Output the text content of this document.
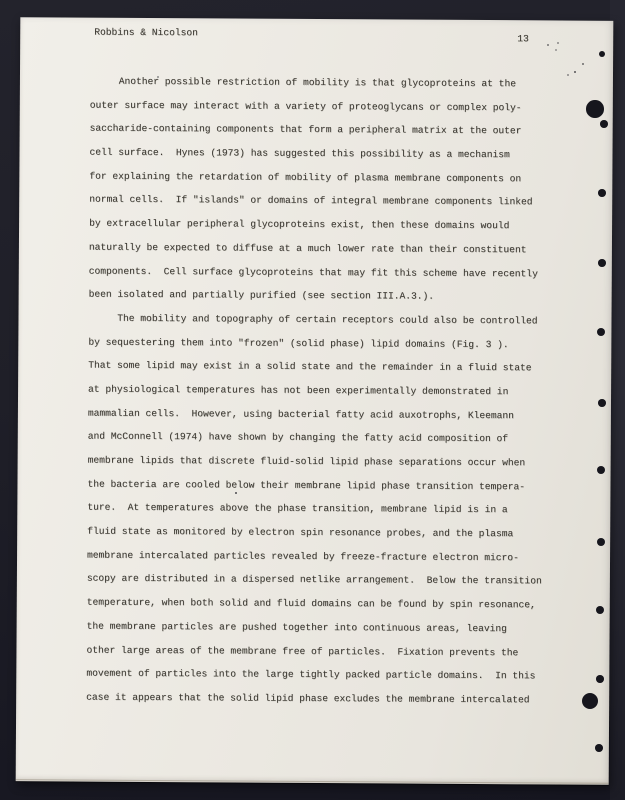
Robbins & Nicolson
13
Another possible restriction of mobility is that glycoproteins at the
outer surface may interact with a variety of proteoglycans or complex poly-
saccharide-containing components that form a peripheral matrix at the outer
cell surface.  Hynes (1973) has suggested this possibility as a mechanism
for explaining the retardation of mobility of plasma membrane components on
normal cells.  If "islands" or domains of integral membrane components linked
by extracellular peripheral glycoproteins exist, then these domains would
naturally be expected to diffuse at a much lower rate than their constituent
components.  Cell surface glycoproteins that may fit this scheme have recently
been isolated and partially purified (see section III.A.3.).
The mobility and topography of certain receptors could also be controlled
by sequestering them into "frozen" (solid phase) lipid domains (Fig. 3 ).
That some lipid may exist in a solid state and the remainder in a fluid state
at physiological temperatures has not been experimentally demonstrated in
mammalian cells.  However, using bacterial fatty acid auxotrophs, Kleemann
and McConnell (1974) have shown by changing the fatty acid composition of
membrane lipids that discrete fluid-solid lipid phase separations occur when
the bacteria are cooled below their membrane lipid phase transition tempera-
ture.  At temperatures above the phase transition, membrane lipid is in a
fluid state as monitored by electron spin resonance probes, and the plasma
membrane intercalated particles revealed by freeze-fracture electron micro-
scopy are distributed in a dispersed netlike arrangement.  Below the transition
temperature, when both solid and fluid domains can be found by spin resonance,
the membrane particles are pushed together into continuous areas, leaving
other large areas of the membrane free of particles.  Fixation prevents the
movement of particles into the large tightly packed particle domains.  In this
case it appears that the solid lipid phase excludes the membrane intercalated
